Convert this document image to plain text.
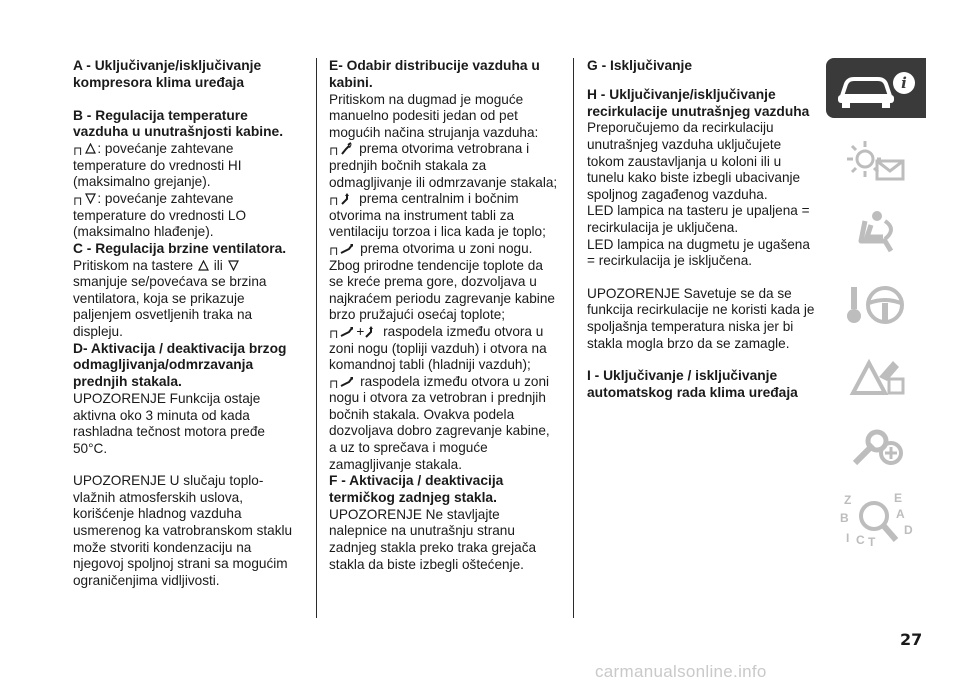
A - Uključivanje/isključivanje kompresora klima uređaja
B - Regulacija temperature vazduha u unutrašnjosti kabine.

⊓ : povećanje zahtevane temperature do vrednosti HI (maksimalno grejanje).

⊓ : povećanje zahtevane temperature do vrednosti LO (maksimalno hlađenje).

C - Regulacija brzine ventilatora.

Pritiskom na tastere ili
smanjuje se/povećava se brzina ventilatora, koja se prikazuje paljenjem osvetljenih traka na displeju.

D- Aktivacija / deaktivacija brzog odmagljivanja/odmrzavanja prednjih stakala.

UPOZORENJE Funkcija ostaje aktivna oko 3 minuta od kada rashladna tečnost motora pređe 50°C.

UPOZORENJE U slučaju toplo-vlažnih atmosferskih uslova, korišćenje hladnog vazduha usmerenog ka vatrobranskom staklu može stvoriti kondenzaciju na njegovoj spoljnoj strani sa mogućim ograničenjima vidljivosti.

E- Odabir distribucije vazduha u kabini.

Pritiskom na dugmad je moguće manuelno podesiti jedan od pet mogućih načina strujanja vazduha:

⊓ prema otvorima vetrobrana i prednjih bočnih stakala za odmagljivanje ili odmrzavanje stakala;

⊓ prema centralnim i bočnim otvorima na instrument tabli za ventilaciju torzoa i lica kada je toplo;

⊓ prema otvorima u zoni nogu. Zbog prirodne tendencije toplote da se kreće prema gore, dozvoljava u najkraćem periodu zagrevanje kabine brzo pružajući osećaj toplote;

⊓ + raspodela između otvora u zoni nogu (topliji vazduh) i otvora na komandnoj tabli (hladniji vazduh);

⊓ raspodela između otvora u zoni nogu i otvora za vetrobran i prednjih bočnih stakala. Ovakva podela dozvoljava dobro zagrevanje kabine, a uz to sprečava i moguće zamagljivanje stakala.

F - Aktivacija / deaktivacija termičkog zadnjeg stakla.

UPOZORENJE Ne stavljajte nalepnice na unutrašnju stranu zadnjeg stakla preko traka grejača stakla da biste izbegli oštećenje.

G - Isključivanje
H - Uključivanje/isključivanje recirkulacije unutrašnjeg vazduha

Preporučujemo da recirkulaciju unutrašnjeg vazduha uključujete tokom zaustavljanja u koloni ili u tunelu kako biste izbegli ubacivanje spoljnog zagađenog vazduha.

LED lampica na tasteru je upaljena = recirkulacija je uključena.

LED lampica na dugmetu je ugašena = recirkulacija je isključena.

UPOZORENJE Savetuje se da se funkcija recirkulacije ne koristi kada je spoljašnja temperatura niska jer bi stakla mogla brzo da se zamagle.

I - Uključivanje / isključivanje automatskog rada klima uređaja
i
Z	E
B	A
I C T
D
27
carmanualsonline.info
